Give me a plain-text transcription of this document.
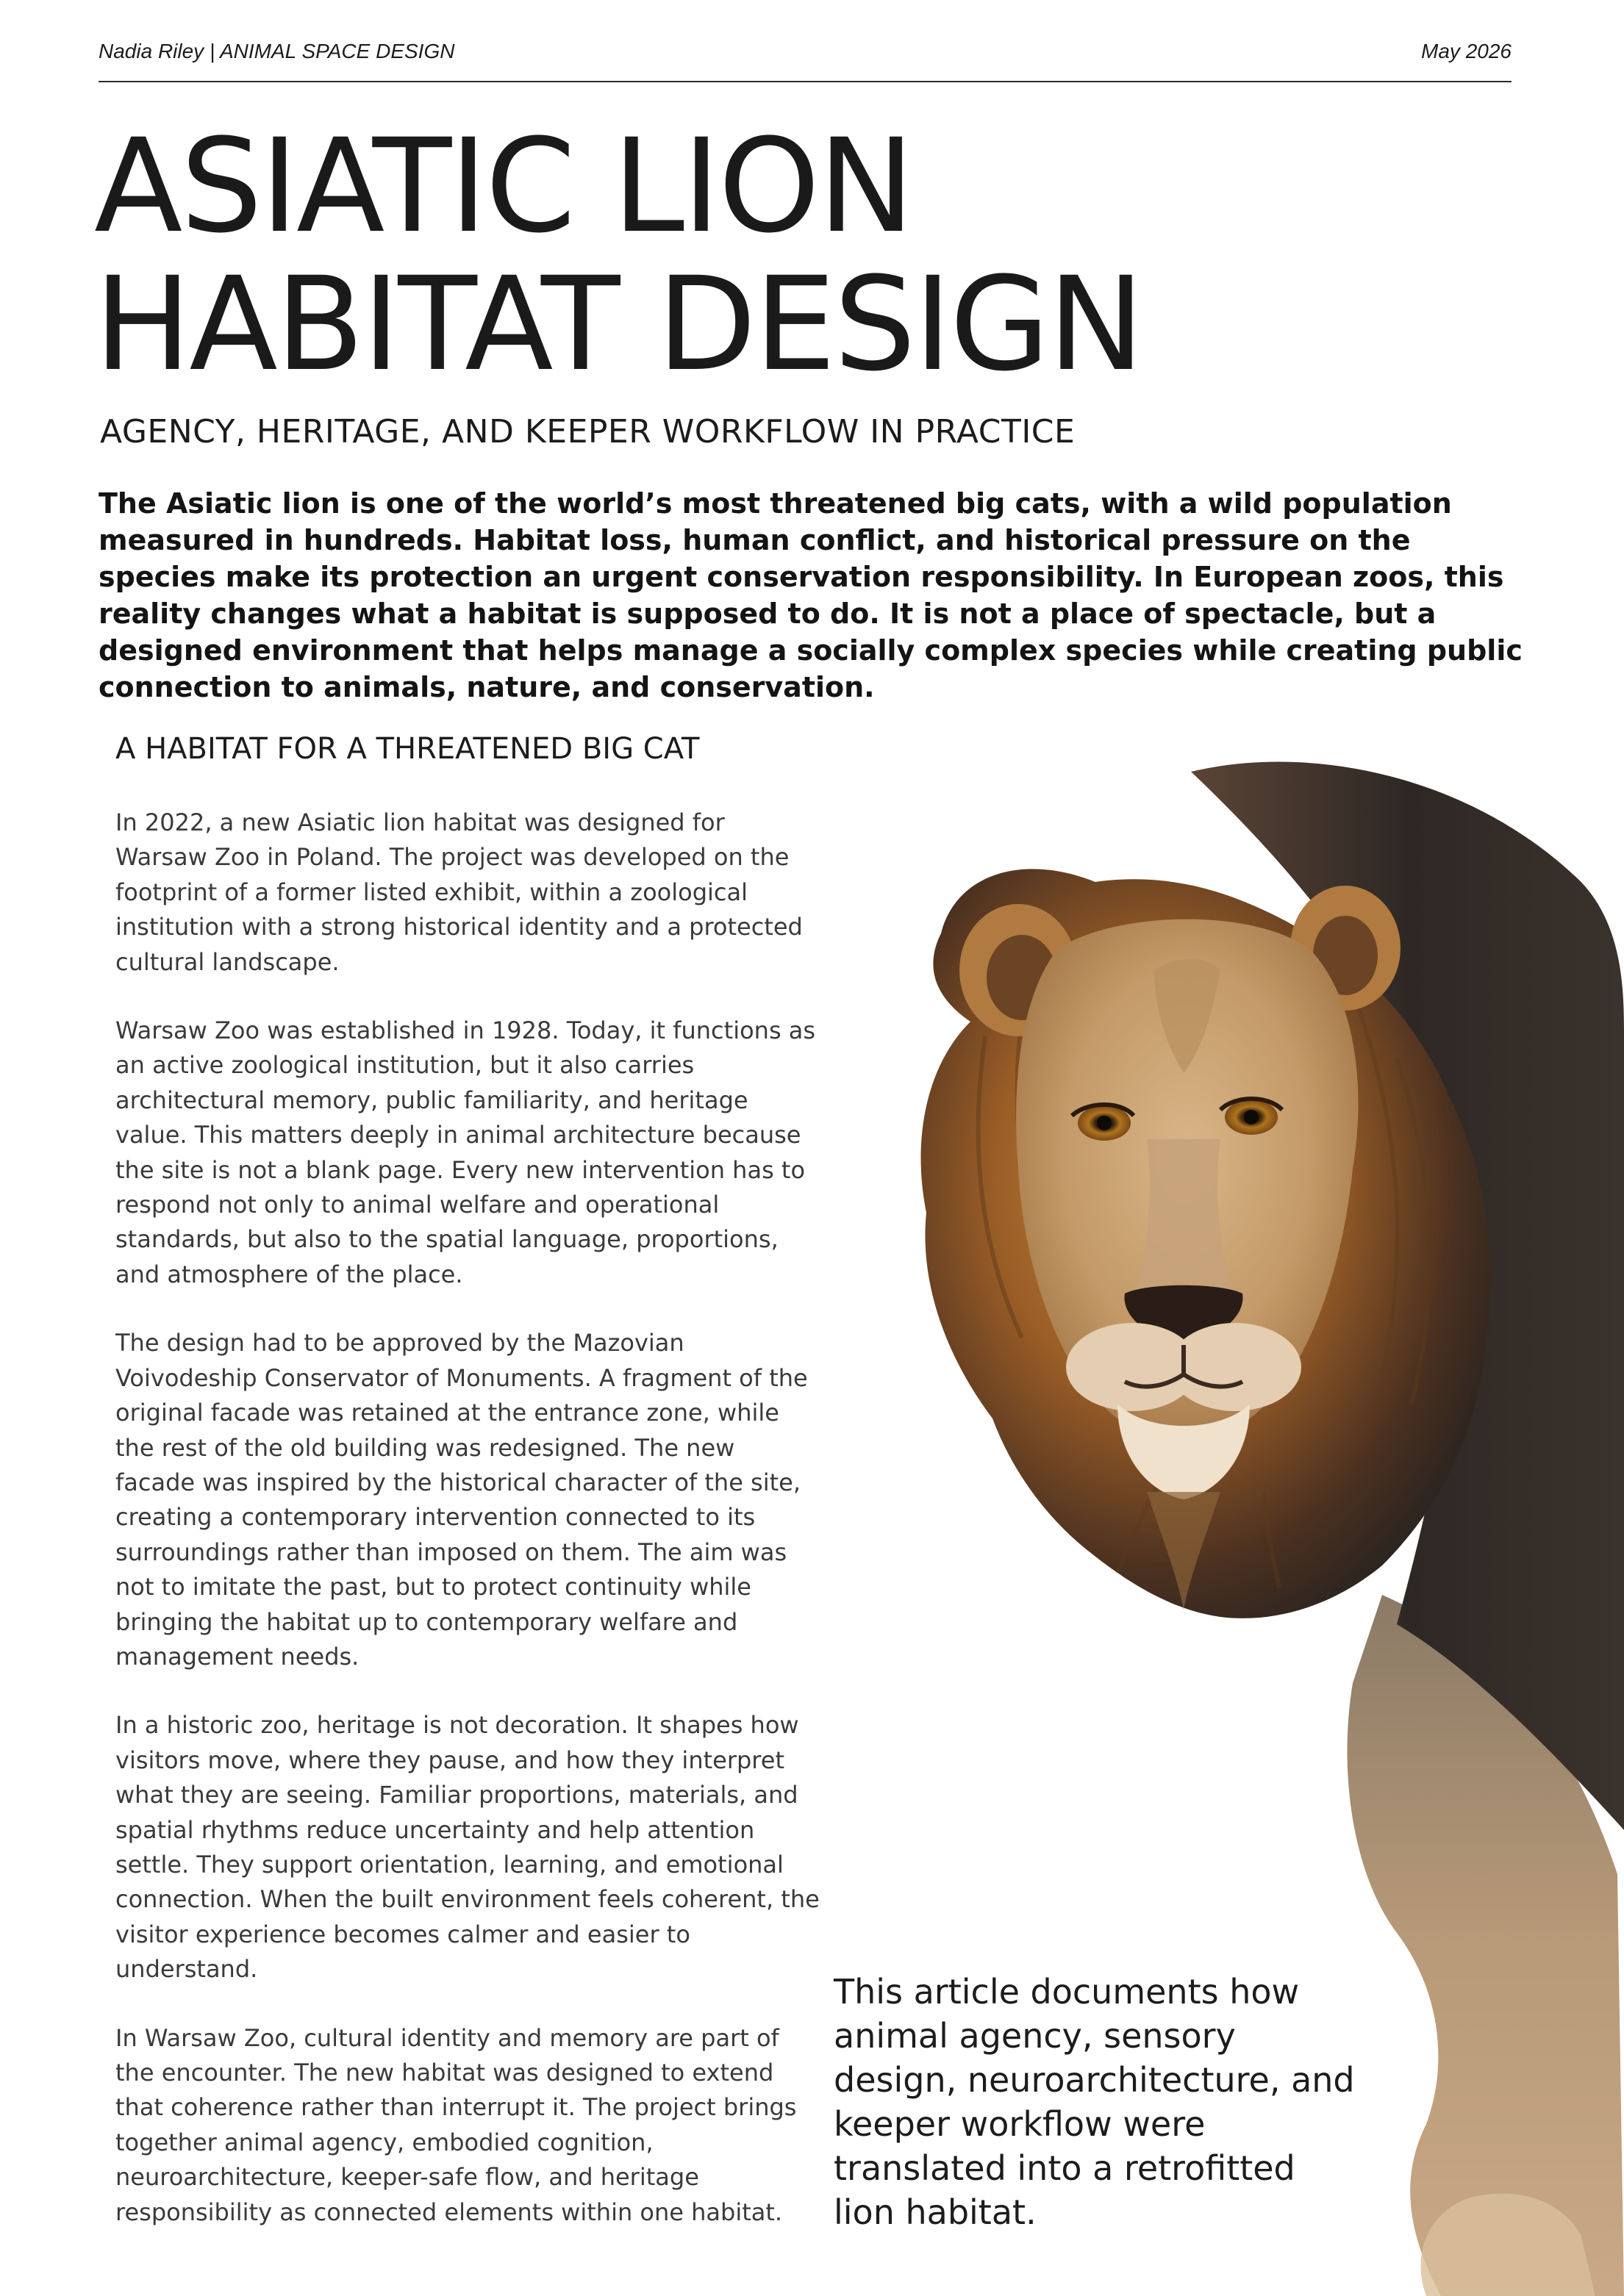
Nadia Riley | ANIMAL SPACE DESIGN	May 2026
ASIATIC LION
HABITAT DESIGN
AGENCY, HERITAGE, AND KEEPER WORKFLOW IN PRACTICE

The Asiatic lion is one of the world’s most threatened big cats, with a wild population measured in hundreds. Habitat loss, human conflict, and historical pressure on the species make its protection an urgent conservation responsibility. In European zoos, this reality changes what a habitat is supposed to do. It is not a place of spectacle, but a designed environment that helps manage a socially complex species while creating public connection to animals, nature, and conservation.

A HABITAT FOR A THREATENED BIG CAT

In 2022, a new Asiatic lion habitat was designed for Warsaw Zoo in Poland. The project was developed on the footprint of a former listed exhibit, within a zoological institution with a strong historical identity and a protected cultural landscape.

Warsaw Zoo was established in 1928. Today, it functions as an active zoological institution, but it also carries architectural memory, public familiarity, and heritage value. This matters deeply in animal architecture because the site is not a blank page. Every new intervention has to respond not only to animal welfare and operational standards, but also to the spatial language, proportions, and atmosphere of the place.

The design had to be approved by the Mazovian Voivodeship Conservator of Monuments. A fragment of the original facade was retained at the entrance zone, while the rest of the old building was redesigned. The new facade was inspired by the historical character of the site, creating a contemporary intervention connected to its surroundings rather than imposed on them. The aim was not to imitate the past, but to protect continuity while bringing the habitat up to contemporary welfare and management needs.

In a historic zoo, heritage is not decoration. It shapes how visitors move, where they pause, and how they interpret what they are seeing. Familiar proportions, materials, and spatial rhythms reduce uncertainty and help attention settle. They support orientation, learning, and emotional connection. When the built environment feels coherent, the visitor experience becomes calmer and easier to understand.

In Warsaw Zoo, cultural identity and memory are part of the encounter. The new habitat was designed to extend that coherence rather than interrupt it. The project brings together animal agency, embodied cognition, neuroarchitecture, keeper-safe flow, and heritage responsibility as connected elements within one habitat.

This article documents how animal agency, sensory design, neuroarchitecture, and keeper workflow were translated into a retrofitted lion habitat.
